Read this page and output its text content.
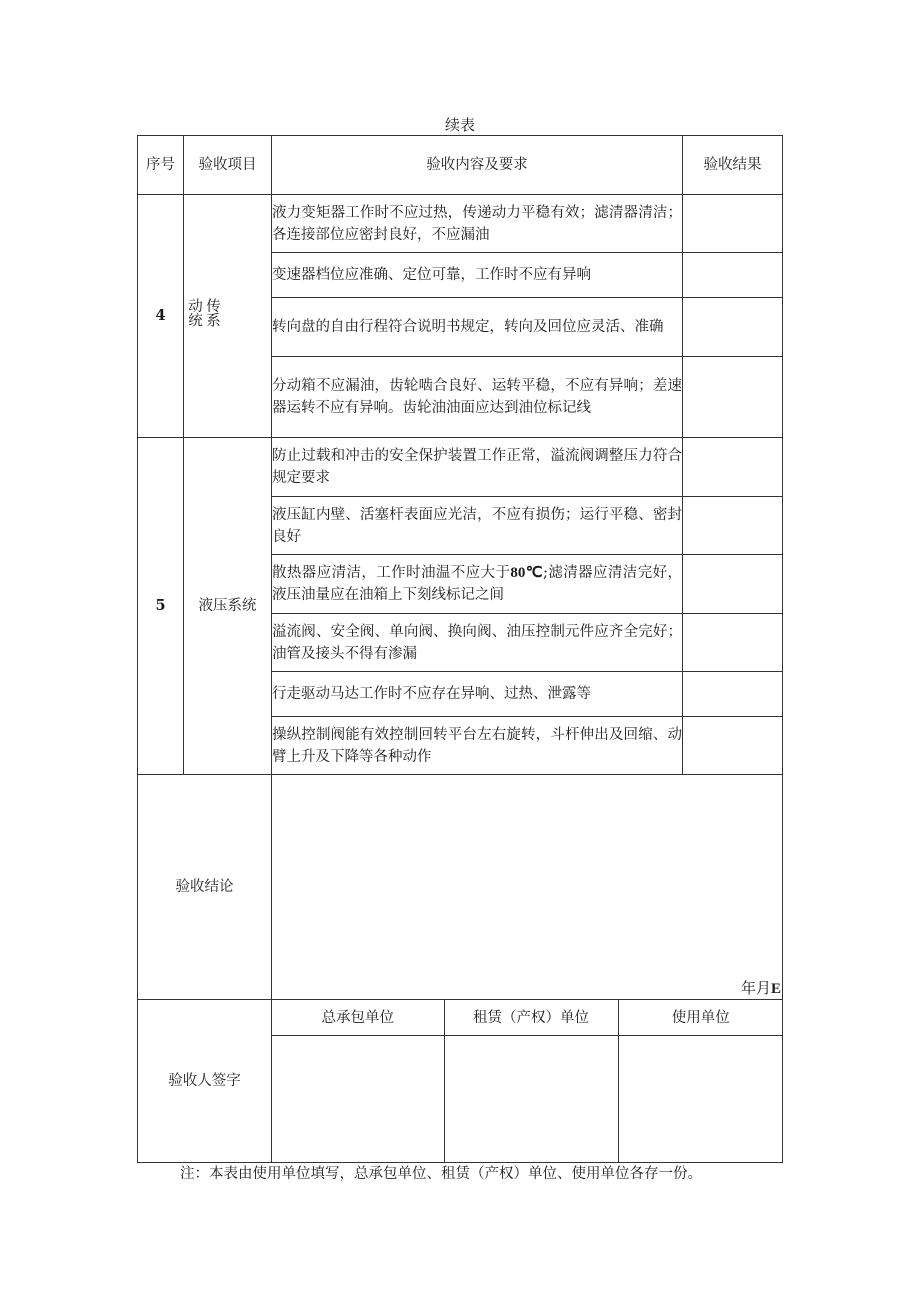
续表
序号	验收项目	验收内容及要求	验收结果
4	动统 传系	液力变矩器工作时不应过热，传递动力平稳有效；滤清器清洁；各连接部位应密封良好，不应漏油	
变速器档位应准确、定位可靠，工作时不应有异响	
转向盘的自由行程符合说明书规定，转向及回位应灵活、准确	
分动箱不应漏油，齿轮啮合良好、运转平稳，不应有异响；差速器运转不应有异响。齿轮油油面应达到油位标记线	
5	液压系统	防止过载和冲击的安全保护装置工作正常，溢流阀调整压力符合规定要求	
液压缸内壁、活塞杆表面应光洁，不应有损伤；运行平稳、密封良好	
散热器应清洁，工作时油温不应大于80℃;滤清器应清洁完好，液压油量应在油箱上下刻线标记之间	
溢流阀、安全阀、单向阀、换向阀、油压控制元件应齐全完好；油管及接头不得有渗漏	
行走驱动马达工作时不应存在异响、过热、泄露等	
操纵控制阀能有效控制回转平台左右旋转，斗杆伸出及回缩、动臂上升及下降等各种动作	
验收结论	
年月E

验收人签字	
总承包单位	租赁（产权）单位	使用单位

注：本表由使用单位填写，总承包单位、租赁（产权）单位、使用单位各存一份。
